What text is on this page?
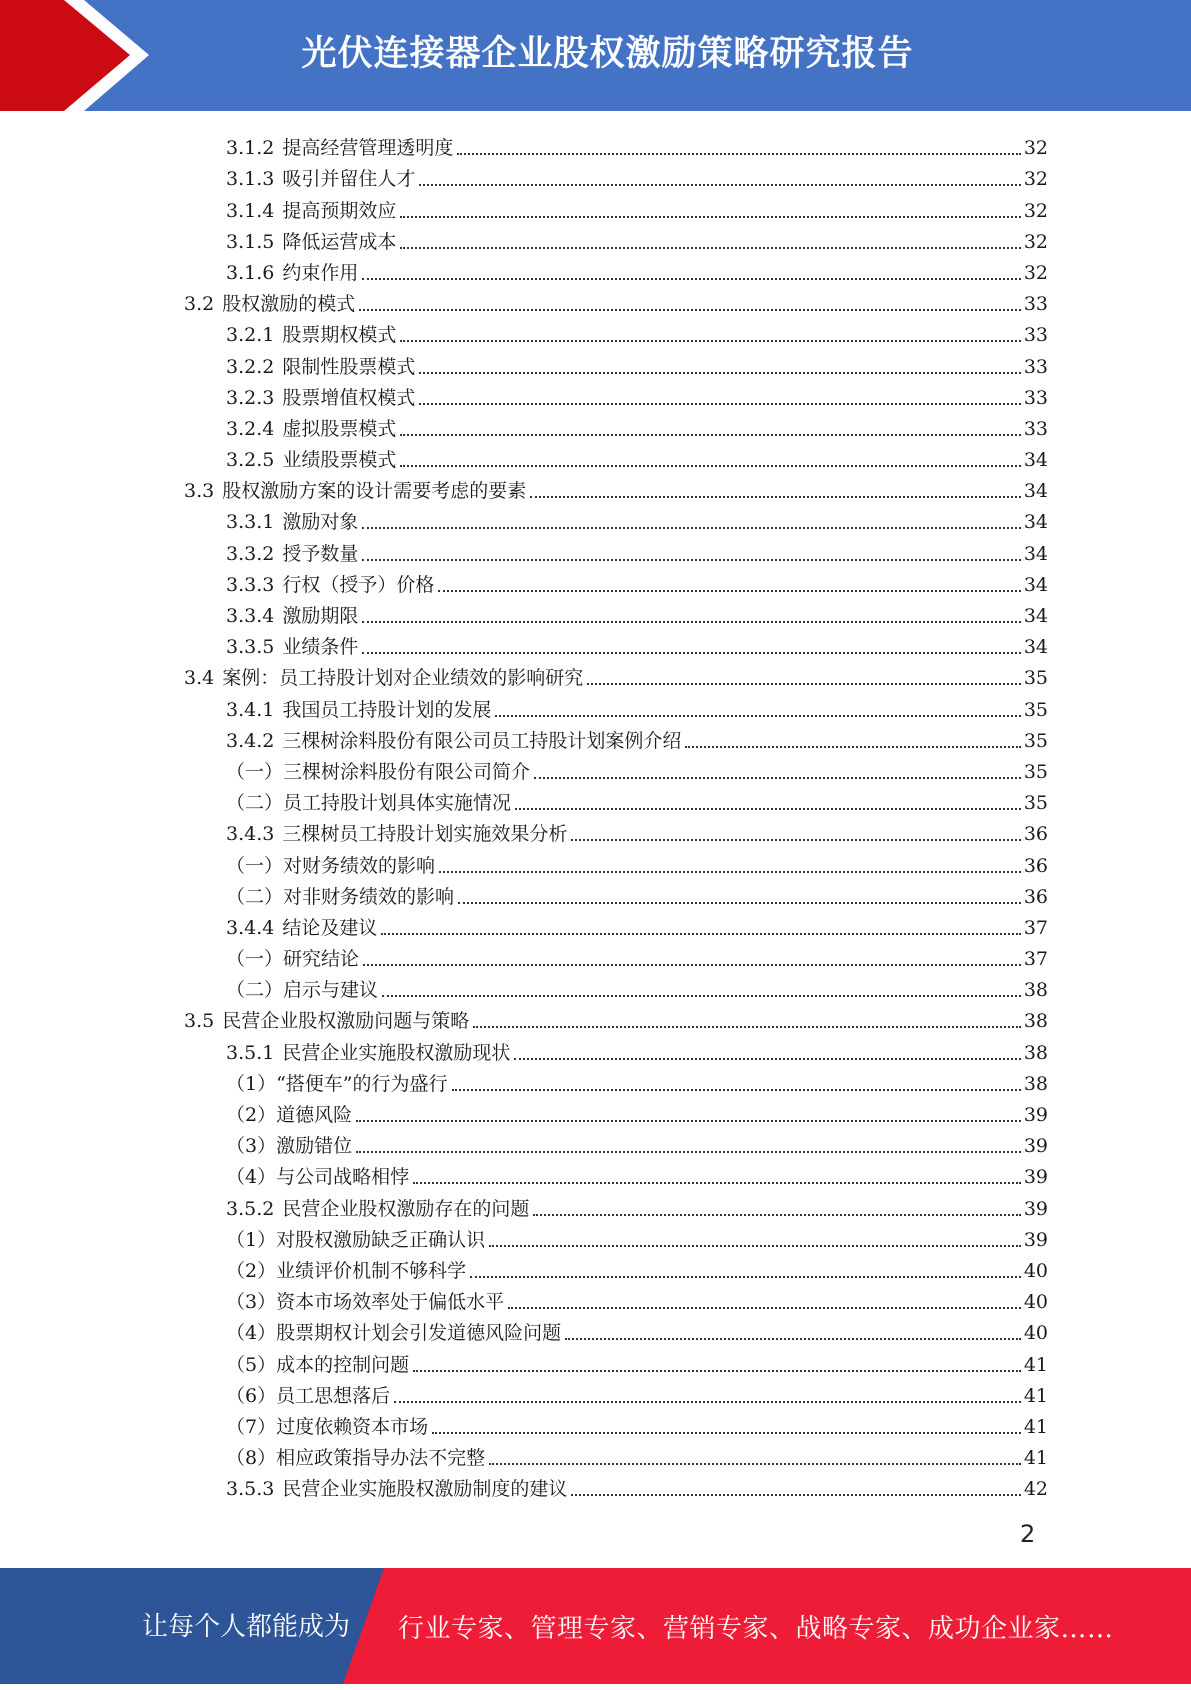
光伏连接器企业股权激励策略研究报告
3.1.2 提高经营管理透明度	32
3.1.3 吸引并留住人才	32
3.1.4 提高预期效应	32
3.1.5 降低运营成本	32
3.1.6 约束作用	32
3.2 股权激励的模式	33
3.2.1 股票期权模式	33
3.2.2 限制性股票模式	33
3.2.3 股票增值权模式	33
3.2.4 虚拟股票模式	33
3.2.5 业绩股票模式	34
3.3 股权激励方案的设计需要考虑的要素	34
3.3.1 激励对象	34
3.3.2 授予数量	34
3.3.3 行权（授予）价格	34
3.3.4 激励期限	34
3.3.5 业绩条件	34
3.4 案例：员工持股计划对企业绩效的影响研究	35
3.4.1 我国员工持股计划的发展	35
3.4.2 三棵树涂料股份有限公司员工持股计划案例介绍	35
（一）三棵树涂料股份有限公司简介	35
（二）员工持股计划具体实施情况	35
3.4.3 三棵树员工持股计划实施效果分析	36
（一）对财务绩效的影响	36
（二）对非财务绩效的影响	36
3.4.4 结论及建议	37
（一）研究结论	37
（二）启示与建议	38
3.5 民营企业股权激励问题与策略	38
3.5.1 民营企业实施股权激励现状	38
（1）“搭便车”的行为盛行	38
（2）道德风险	39
（3）激励错位	39
（4）与公司战略相悖	39
3.5.2 民营企业股权激励存在的问题	39
（1）对股权激励缺乏正确认识	39
（2）业绩评价机制不够科学	40
（3）资本市场效率处于偏低水平	40
（4）股票期权计划会引发道德风险问题	40
（5）成本的控制问题	41
（6）员工思想落后	41
（7）过度依赖资本市场	41
（8）相应政策指导办法不完整	41
3.5.3 民营企业实施股权激励制度的建议	42
2
让每个人都能成为 行业专家、管理专家、营销专家、战略专家、成功企业家……
